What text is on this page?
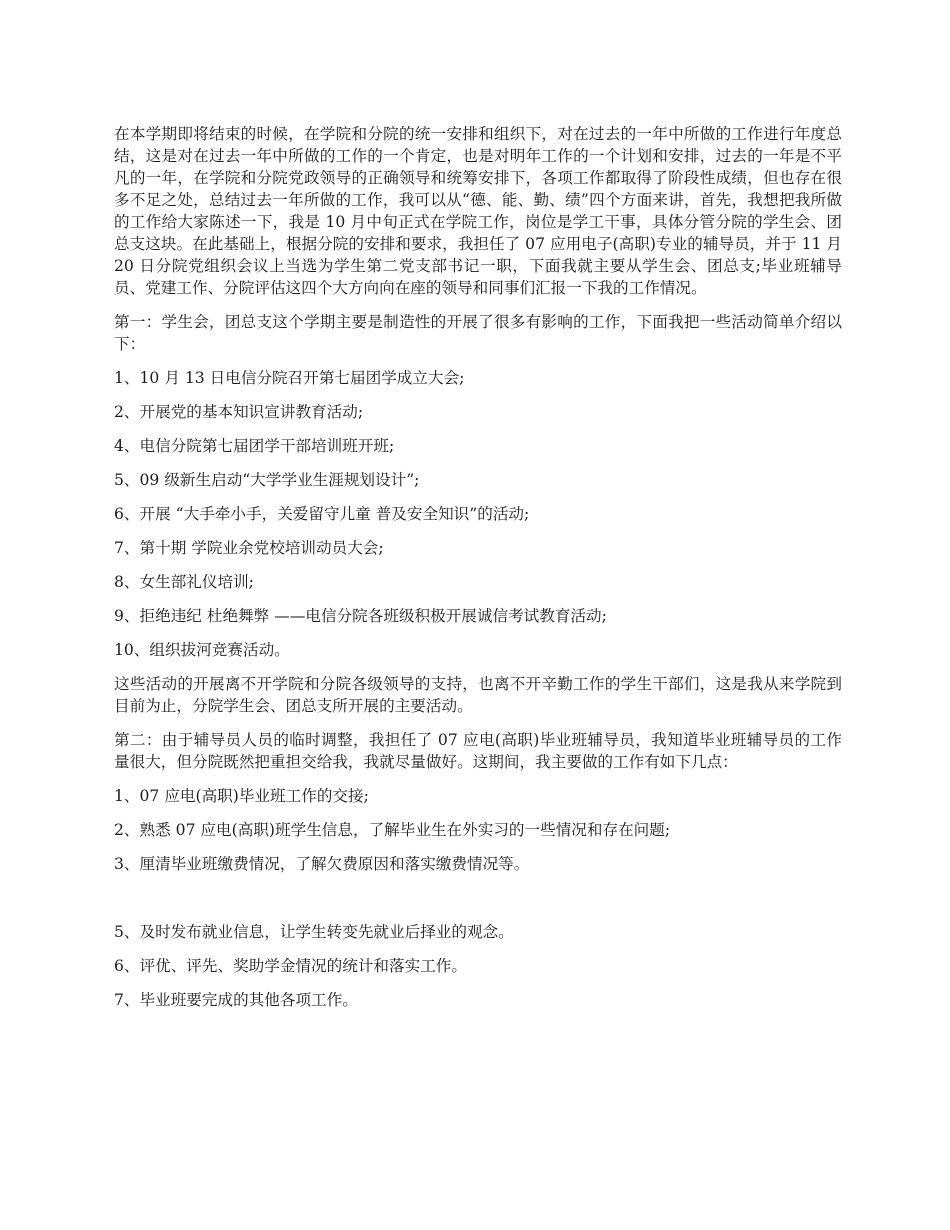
在本学期即将结束的时候，在学院和分院的统一安排和组织下，对在过去的一年中所做的工作进行年度总结，这是对在过去一年中所做的工作的一个肯定，也是对明年工作的一个计划和安排，过去的一年是不平凡的一年，在学院和分院党政领导的正确领导和统筹安排下，各项工作都取得了阶段性成绩，但也存在很多不足之处，总结过去一年所做的工作，我可以从“德、能、勤、绩”四个方面来讲，首先，我想把我所做的工作给大家陈述一下，我是 10 月中旬正式在学院工作，岗位是学工干事，具体分管分院的学生会、团总支这块。在此基础上，根据分院的安排和要求，我担任了 07 应用电子(高职)专业的辅导员，并于 11 月 20 日分院党组织会议上当选为学生第二党支部书记一职，下面我就主要从学生会、团总支;毕业班辅导员、党建工作、分院评估这四个大方向向在座的领导和同事们汇报一下我的工作情况。

第一：学生会，团总支这个学期主要是制造性的开展了很多有影响的工作，下面我把一些活动简单介绍以下：

1、10 月 13 日电信分院召开第七届团学成立大会;

2、开展党的基本知识宣讲教育活动;

4、电信分院第七届团学干部培训班开班;

5、09 级新生启动“大学学业生涯规划设计”;

6、开展 “大手牵小手，关爱留守儿童 普及安全知识”的活动;

7、第十期 学院业余党校培训动员大会;

8、女生部礼仪培训;

9、拒绝违纪 杜绝舞弊 ——电信分院各班级积极开展诚信考试教育活动;

10、组织拔河竞赛活动。

这些活动的开展离不开学院和分院各级领导的支持，也离不开辛勤工作的学生干部们，这是我从来学院到目前为止，分院学生会、团总支所开展的主要活动。

第二：由于辅导员人员的临时调整，我担任了 07 应电(高职)毕业班辅导员，我知道毕业班辅导员的工作量很大，但分院既然把重担交给我，我就尽量做好。这期间，我主要做的工作有如下几点：

1、07 应电(高职)毕业班工作的交接;

2、熟悉 07 应电(高职)班学生信息，了解毕业生在外实习的一些情况和存在问题;

3、厘清毕业班缴费情况，了解欠费原因和落实缴费情况等。

5、及时发布就业信息，让学生转变先就业后择业的观念。

6、评优、评先、奖助学金情况的统计和落实工作。

7、毕业班要完成的其他各项工作。
